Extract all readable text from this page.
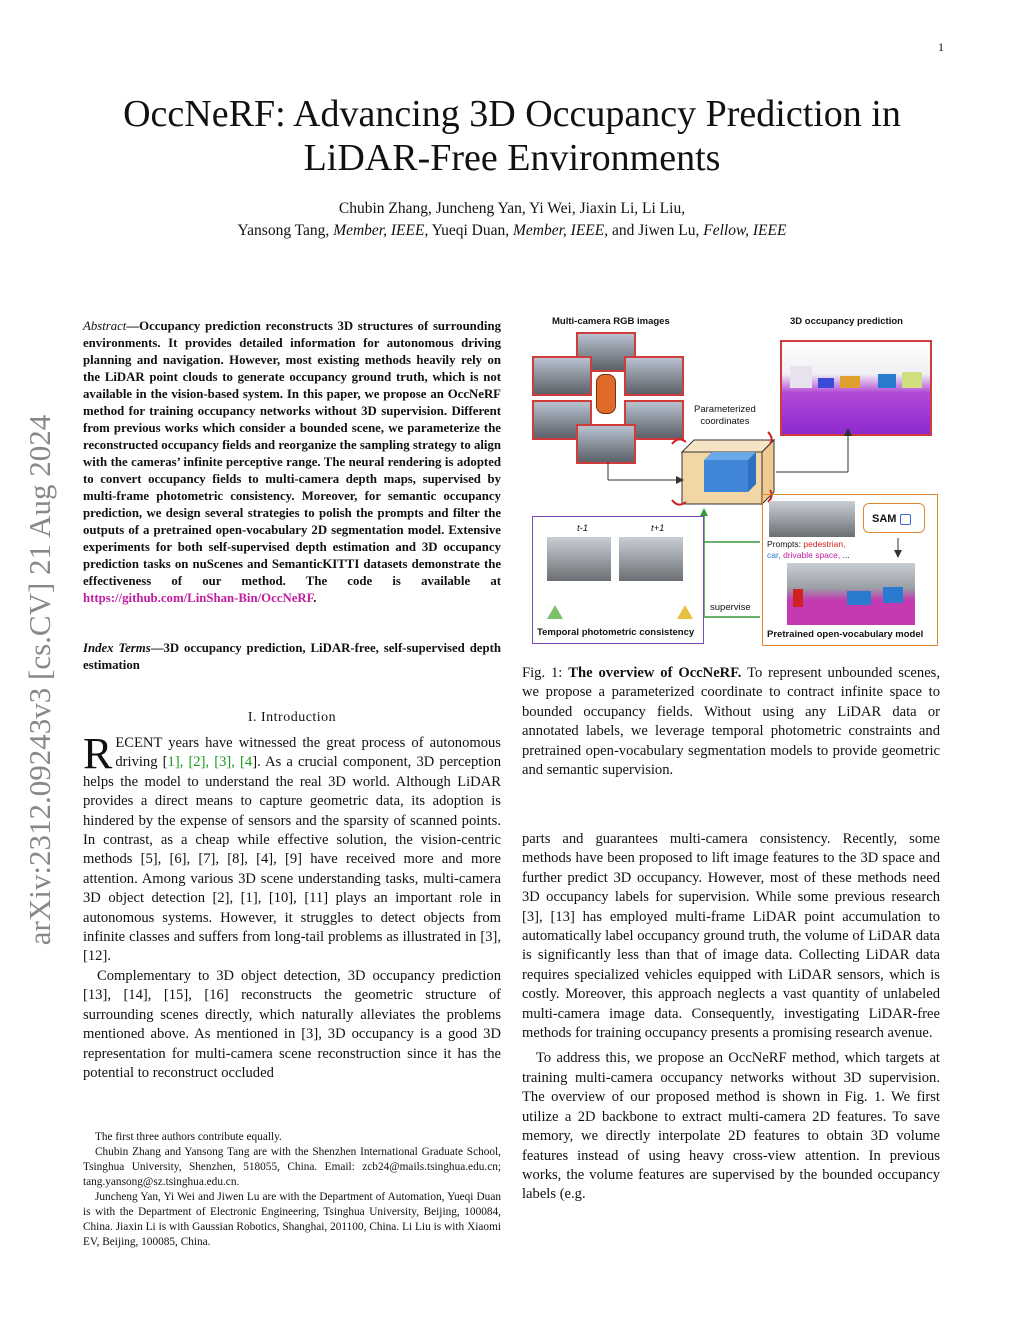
1
arXiv:2312.09243v3 [cs.CV] 21 Aug 2024
OccNeRF: Advancing 3D Occupancy Prediction in
LiDAR-Free Environments
Chubin Zhang, Juncheng Yan, Yi Wei, Jiaxin Li, Li Liu,
Yansong Tang, Member, IEEE, Yueqi Duan, Member, IEEE, and Jiwen Lu, Fellow, IEEE
Abstract—Occupancy prediction reconstructs 3D structures of surrounding environments. It provides detailed information for autonomous driving planning and navigation. However, most existing methods heavily rely on the LiDAR point clouds to generate occupancy ground truth, which is not available in the vision-based system. In this paper, we propose an OccNeRF method for training occupancy networks without 3D supervision. Different from previous works which consider a bounded scene, we parameterize the reconstructed occupancy fields and reorganize the sampling strategy to align with the cameras’ infinite perceptive range. The neural rendering is adopted to convert occupancy fields to multi-camera depth maps, supervised by multi-frame photometric consistency. Moreover, for semantic occupancy prediction, we design several strategies to polish the prompts and filter the outputs of a pretrained open-vocabulary 2D segmentation model. Extensive experiments for both self-supervised depth estimation and 3D occupancy prediction tasks on nuScenes and SemanticKITTI datasets demonstrate the effectiveness of our method. The code is available at https://github.com/LinShan-Bin/OccNeRF.
Index Terms—3D occupancy prediction, LiDAR-free, self-supervised depth estimation
I. Introduction

RECENT years have witnessed the great process of autonomous driving [1], [2], [3], [4]. As a crucial component, 3D perception helps the model to understand the real 3D world. Although LiDAR provides a direct means to capture geometric data, its adoption is hindered by the expense of sensors and the sparsity of scanned points. In contrast, as a cheap while effective solution, the vision-centric methods [5], [6], [7], [8], [4], [9] have received more and more attention. Among various 3D scene understanding tasks, multi-camera 3D object detection [2], [1], [10], [11] plays an important role in autonomous systems. However, it struggles to detect objects from infinite classes and suffers from long-tail problems as illustrated in [3], [12].

Complementary to 3D object detection, 3D occupancy prediction [13], [14], [15], [16] reconstructs the geometric structure of surrounding scenes directly, which naturally alleviates the problems mentioned above. As mentioned in [3], 3D occupancy is a good 3D representation for multi-camera scene reconstruction since it has the potential to reconstruct occluded

The first three authors contribute equally.

Chubin Zhang and Yansong Tang are with the Shenzhen International Graduate School, Tsinghua University, Shenzhen, 518055, China. Email: zcb24@mails.tsinghua.edu.cn; tang.yansong@sz.tsinghua.edu.cn.

Juncheng Yan, Yi Wei and Jiwen Lu are with the Department of Automation, Yueqi Duan is with the Department of Electronic Engineering, Tsinghua University, Beijing, 100084, China. Jiaxin Li is with Gaussian Robotics, Shanghai, 201100, China. Li Liu is with Xiaomi EV, Beijing, 100085, China.

Multi-camera RGB images	3D occupancy prediction
Parameterized
coordinates
t-1	t+1
Temporal photometric consistency
supervise
SAM
Prompts: pedestrian,
car, drivable space, ...
Pretrained open-vocabulary model
Fig. 1: The overview of OccNeRF. To represent unbounded scenes, we propose a parameterized coordinate to contract infinite space to bounded occupancy fields. Without using any LiDAR data or annotated labels, we leverage temporal photometric constraints and pretrained open-vocabulary segmentation models to provide geometric and semantic supervision.

parts and guarantees multi-camera consistency. Recently, some methods have been proposed to lift image features to the 3D space and further predict 3D occupancy. However, most of these methods need 3D occupancy labels for supervision. While some previous research [3], [13] has employed multi-frame LiDAR point accumulation to automatically label occupancy ground truth, the volume of LiDAR data is significantly less than that of image data. Collecting LiDAR data requires specialized vehicles equipped with LiDAR sensors, which is costly. Moreover, this approach neglects a vast quantity of unlabeled multi-camera image data. Consequently, investigating LiDAR-free methods for training occupancy presents a promising research avenue.

To address this, we propose an OccNeRF method, which targets at training multi-camera occupancy networks without 3D supervision. The overview of our proposed method is shown in Fig. 1. We first utilize a 2D backbone to extract multi-camera 2D features. To save memory, we directly interpolate 2D features to obtain 3D volume features instead of using heavy cross-view attention. In previous works, the volume features are supervised by the bounded occupancy labels (e.g.
